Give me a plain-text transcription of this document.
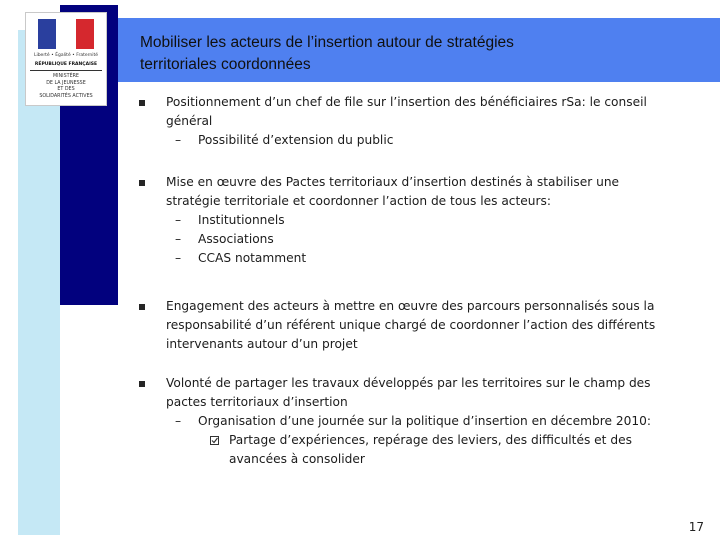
Liberté • Égalité • Fraternité
RÉPUBLIQUE FRANÇAISE
MINISTÈRE
DE LA JEUNESSE
ET DES
SOLIDARITÉS ACTIVES
Mobiliser les acteurs de l’insertion autour de stratégies
territoriales coordonnées
Positionnement d’un chef de file sur l’insertion des bénéficiaires rSa: le conseil
général
– Possibilité d’extension du public
Mise en œuvre des Pactes territoriaux d’insertion destinés à stabiliser une
stratégie territoriale et coordonner l’action de tous les acteurs:
– Institutionnels
– Associations
– CCAS notamment
Engagement des acteurs à mettre en œuvre des parcours personnalisés sous la
responsabilité d’un référent unique chargé de coordonner l’action des différents
intervenants autour d’un projet
Volonté de partager les travaux développés par les territoires sur le champ des
pactes territoriaux d’insertion
– Organisation d’une journée sur la politique d’insertion en décembre 2010:
Partage d’expériences, repérage des leviers, des difficultés et des
avancées à consolider
17
